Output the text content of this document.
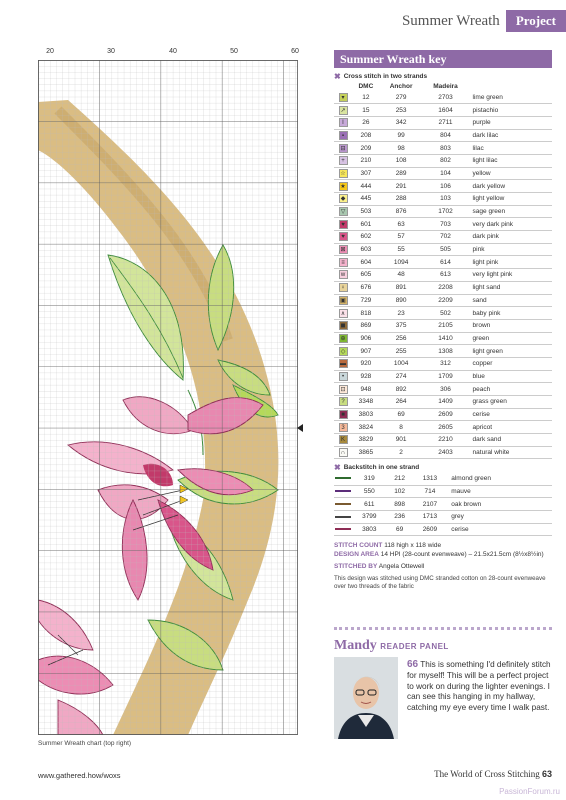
Summer Wreath	Project
20	30	40	50	60
Summer Wreath chart (top right)
Summer Wreath key
✖ Cross stitch in two strands
	DMC	Anchor	Madeira	
▾	12	279	2703	lime green
↗	15	253	1604	pistachio
Ι	26	342	2711	purple
▪	208	99	804	dark lilac
⊟	209	98	803	lilac
+	210	108	802	light lilac
☆	307	289	104	yellow
★	444	291	106	dark yellow
◆	445	288	103	light yellow
▽	503	876	1702	sage green
♥	601	63	703	very dark pink
♥	602	57	702	dark pink
⊠	603	55	505	pink
≡	604	1094	614	light pink
w	605	48	613	very light pink
♀	676	891	2208	light sand
▣	729	890	2209	sand
∧	818	23	502	baby pink
◼	869	375	2105	brown
⊕	906	256	1410	green
◇	907	255	1308	light green
▬	920	1004	312	copper
•	928	274	1709	blue
⊡	948	892	306	peach
?	3348	264	1409	grass green
■	3803	69	2609	cerise
3	3824	8	2605	apricot
K	3829	901	2210	dark sand
∩	3865	2	2403	natural white
✖ Backstitch in one strand
	319	212	1313	almond green
	550	102	714	mauve
	611	898	2107	oak brown
	3799	236	1713	grey
	3803	69	2609	cerise
STITCH COUNT 118 high x 118 wide
DESIGN AREA 14 HPI (28-count evenweave) – 21.5x21.5cm (8½x8½in)
STITCHED BY Angela Ottewell
This design was stitched using DMC stranded cotton on 28-count evenweave over two threads of the fabric
Mandy READER PANEL
66 This is something I'd definitely stitch for myself! This will be a perfect project to work on during the lighter evenings. I can see this hanging in my hallway, catching my eye every time I walk past.
www.gathered.how/woxs	The World of Cross Stitching 63
PassionForum.ru
